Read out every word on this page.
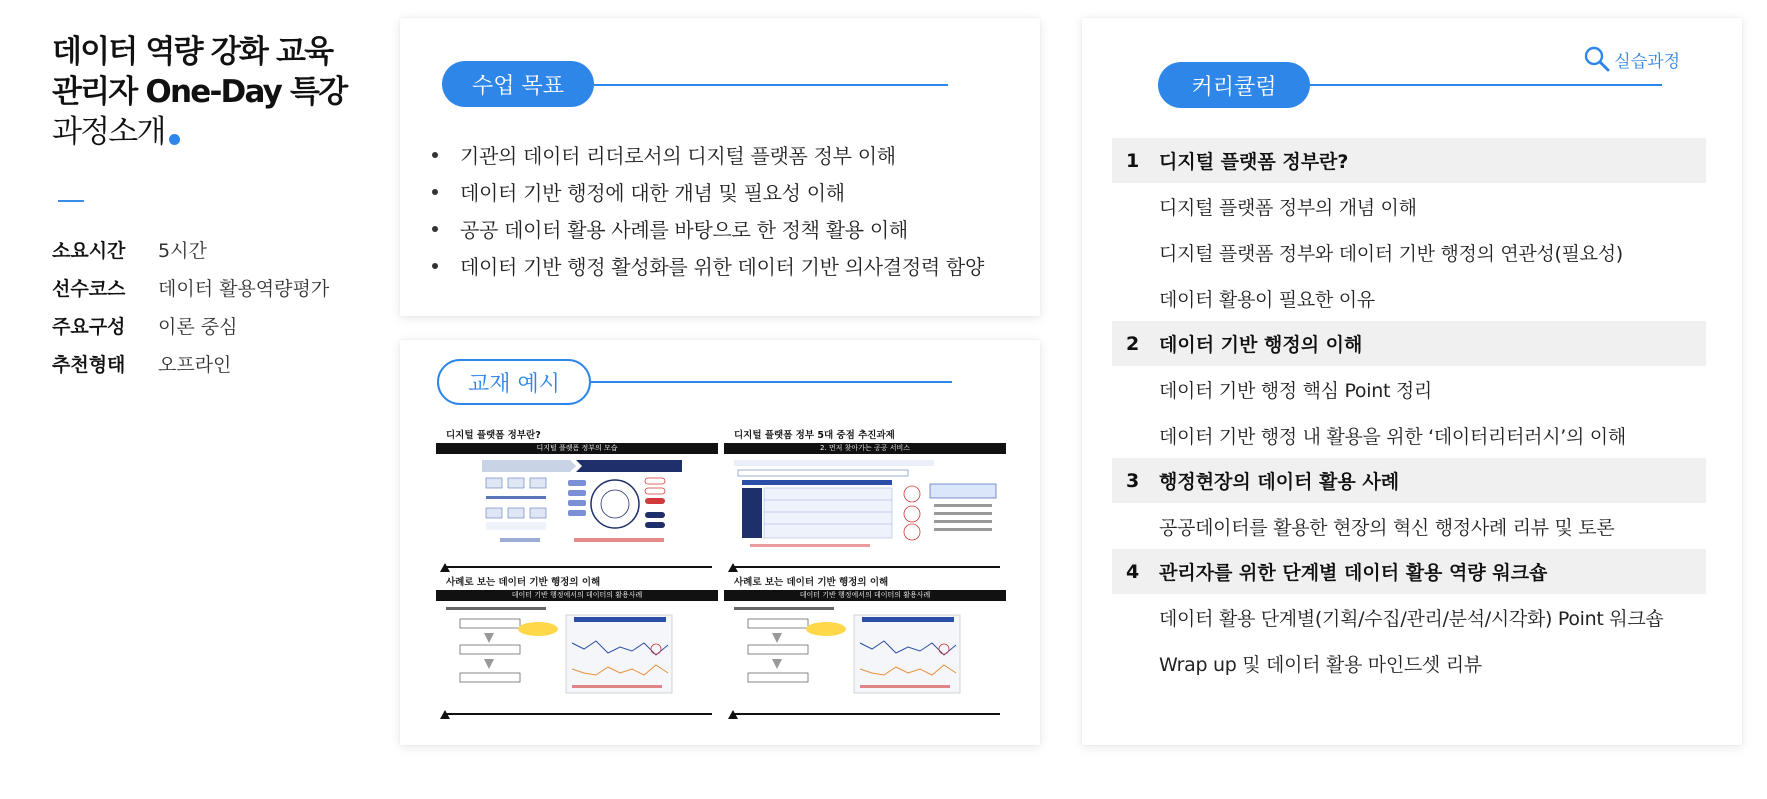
데이터 역량 강화 교육
관리자 One-Day 특강
과정소개
소요시간	5시간
선수코스	데이터 활용역량평가
주요구성	이론 중심
추천형태	오프라인
수업 목표
기관의 데이터 리더로서의 디지털 플랫폼 정부 이해
데이터 기반 행정에 대한 개념 및 필요성 이해
공공 데이터 활용 사례를 바탕으로 한 정책 활용 이해
데이터 기반 행정 활성화를 위한 데이터 기반 의사결정력 함양
교재 예시
디지털 플랫폼 정부란?
디지털 플랫폼 정부의 모습
디지털 플랫폼 정부 5대 중점 추진과제
2. 먼저 찾아가는 공공 서비스
사례로 보는 데이터 기반 행정의 이해
데이터 기반 행정에서의 데이터의 활용사례
사례로 보는 데이터 기반 행정의 이해
데이터 기반 행정에서의 데이터의 활용사례
커리큘럼
실습과정
1	디지털 플랫폼 정부란?
디지털 플랫폼 정부의 개념 이해
디지털 플랫폼 정부와 데이터 기반 행정의 연관성(필요성)
데이터 활용이 필요한 이유
2	데이터 기반 행정의 이해
데이터 기반 행정 핵심 Point 정리
데이터 기반 행정 내 활용을 위한 ‘데이터리터러시’의 이해
3	행정현장의 데이터 활용 사례
공공데이터를 활용한 현장의 혁신 행정사례 리뷰 및 토론
4	관리자를 위한 단계별 데이터 활용 역량 워크숍
데이터 활용 단계별(기획/수집/관리/분석/시각화) Point 워크숍
Wrap up 및 데이터 활용 마인드셋 리뷰
